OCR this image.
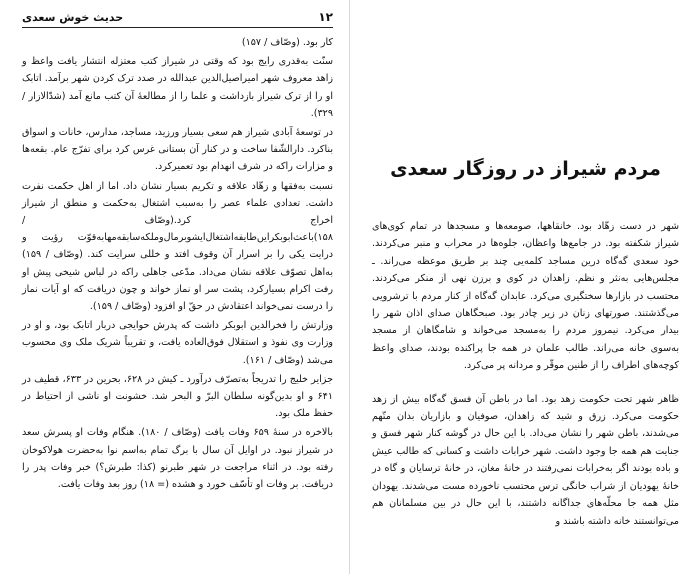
۱۲
حدیث خوش سعدی

کار بود. (وصّاف / ۱۵۷)

سنّت به‌قدری رایج بود که وقتی در شیراز کتب معتزله انتشار یافت واعظ و زاهد معروف شهر امیراصیل‌الدین عبدالله در صدد ترک کردن شهر برآمد. اتابک او را از ترک شیراز بازداشت و علما را از مطالعهٔ آن کتب مانع آمد (شدّالازار / ۳۲۹).

در توسعهٔ آبادی شیراز هم سعی بسیار ورزید، مساجد، مدارس، خانات و اسواق بناکرد. دارالشّفا ساخت و در کنار آن بستانی غرس کرد برای تفرّج عام. بقعه‌ها و مزارات راکه در شرف انهدام بود تعمیرکرد.

نسبت به‌فقها و زهّاد علاقه و تکریم بسیار نشان داد. اما از اهل حکمت نفرت داشت. تعدادی علماء عصر را به‌سبب اشتغال به‌حکمت و منطق از شیراز اخراج کرد.(وصّاف / ۱۵۸)باعث‌ابوبکرایں‌طایفه‌اشتغال‌ایشوبرمال‌وملکه‌سابقه‌مهابه‌قوّت رؤیت و درایت یکی را بر اسرار آن وقوف افتد و خللی سرایت کند. (وصّاف / ۱۵۹) به‌اهل تصوّف علاقه نشان می‌داد. مدّعی جاهلی راکه در لباس شیخی پیش او رفت اکرام بسیارکرد، پشت سر او نماز خواند و چون دریافت که او آیات نماز را درست نمی‌خواند اعتقادش در حقّ او افزود (وصّاف / ۱۵۹).

وزارتش را فخرالدین ابوبکر داشت که پدرش حوایجی دربار اتابک بود، و او در وزارت وی نفوذ و استقلال فوق‌العاده یافت، و تقریباً شریک ملک وی محسوب می‌شد (وصّاف / ۱۶۱).

جزایر خلیج را تدریجاً به‌تصرّف درآورد ـ کیش در ۶۲۸، بحرین در ۶۳۳، قطیف در ۶۴۱ و او بدین‌گونه سلطان البرّ و البحر شد. خشونت او ناشی از احتیاط در حفظ ملک بود.

بالاخره در سنهٔ ۶۵۹ وفات یافت (وصّاف / ۱۸۰). هنگام وفات او پسرش سعد در شیراز نبود. در اوایل آن سال با برگ تمام به‌اسم نوا به‌حضرت هولاکوخان رفته بود. در اثناء مراجعت در شهر طبرنو (کذا: طبرش؟) خبر وفات پدر را دریافت. بر وفات او تأسّف خورد و هشده (= ۱۸) روز بعد وفات یافت.

مردم شیراز در روزگار سعدی

شهر در دست زهّاد بود. خانقاهها، صومعه‌ها و مسجدها در تمام کوی‌های شیراز شکفته بود. در جامع‌ها واعظان، جلوه‌ها در محراب و منبر می‌کردند. خود سعدی گه‌گاه درین مساجد کلمه‌یی چند بر طریق موعظه می‌راند. ـ مجلس‌هایی به‌نثر و نظم. زاهدان در کوی و برزن نهی از منکر می‌کردند. محتسب در بازارها سختگیری می‌کرد. عابدان گه‌گاه از کنار مردم با ترشرویی می‌گذشتند. صورتهای زنان در زیر چادر بود. صبحگاهان صدای اذان شهر را بیدار می‌کرد. نیمروز مردم را به‌مسجد می‌خواند و شامگاهان از مسجد به‌سوی خانه می‌راند. طالب علمان در همه جا پراکنده بودند، صدای واعظ کوچه‌های اطراف را از طنین موقّر و مردانه پر می‌کرد.

ظاهر شهر تحت حکومت زهد بود. اما در باطن آن فسق گه‌گاه بیش از زهد حکومت می‌کرد. زرق و شید که زاهدان، صوفیان و بازاریان بدان متّهم می‌شدند، باطن شهر را نشان می‌داد. با این حال در گوشه کنار شهر فسق و جنایت هم همه جا وجود داشت. شهر خرابات داشت و کسانی که طالب عیش و باده بودند اگر به‌خرابات نمی‌رفتند در خانهٔ مغان، در خانهٔ ترسایان و گاه در خانهٔ یهودیان از شراب خانگی ترس محتسب ناخورده مست می‌شدند. یهودان مثل همه جا محلّه‌های جداگانه داشتند، با این حال در بین مسلمانان هم می‌توانستند خانه داشته باشند و
